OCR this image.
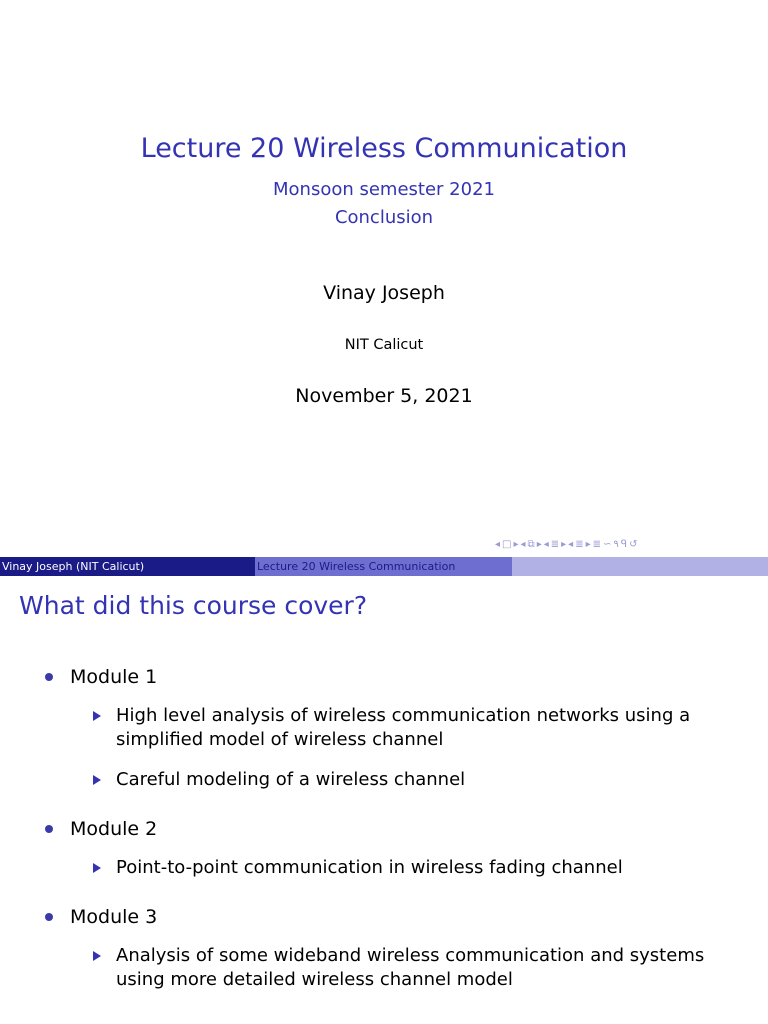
Lecture 20 Wireless Communication
Monsoon semester 2021
Conclusion
Vinay Joseph
NIT Calicut
November 5, 2021
◂ □ ▸ ◂ ⧉ ▸ ◂ ≣ ▸ ◂ ≣ ▸ ≣ ∽ ٩ ᑫ ↺
Vinay Joseph (NIT Calicut)	Lecture 20 Wireless Communication
What did this course cover?
Module 1
High level analysis of wireless communication networks using a simplified model of wireless channel
Careful modeling of a wireless channel
Module 2
Point-to-point communication in wireless fading channel
Module 3
Analysis of some wideband wireless communication and systems using more detailed wireless channel model
